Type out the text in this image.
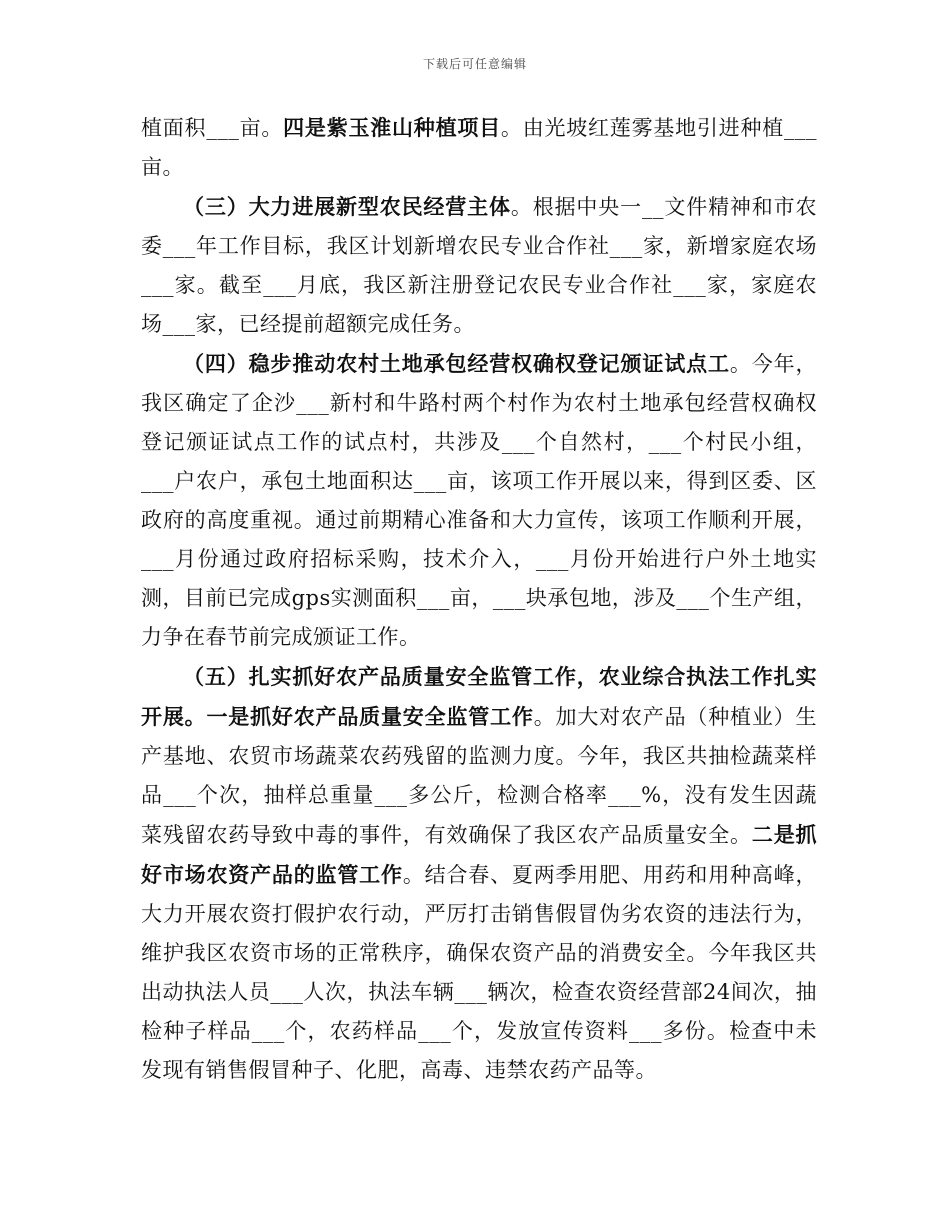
下载后可任意编辑

植面积___亩。四是紫玉淮山种植项目。由光坡红莲雾基地引进种植___亩。

（三）大力进展新型农民经营主体。根据中央一__文件精神和市农委___年工作目标，我区计划新增农民专业合作社___家，新增家庭农场___家。截至___月底，我区新注册登记农民专业合作社___家，家庭农场___家，已经提前超额完成任务。

（四）稳步推动农村土地承包经营权确权登记颁证试点工。今年，我区确定了企沙___新村和牛路村两个村作为农村土地承包经营权确权登记颁证试点工作的试点村，共涉及___个自然村，___个村民小组，___户农户，承包土地面积达___亩，该项工作开展以来，得到区委、区政府的高度重视。通过前期精心准备和大力宣传，该项工作顺利开展，___月份通过政府招标采购，技术介入，___月份开始进行户外土地实测，目前已完成gps实测面积___亩，___块承包地，涉及___个生产组，力争在春节前完成颁证工作。

（五）扎实抓好农产品质量安全监管工作，农业综合执法工作扎实开展。一是抓好农产品质量安全监管工作。加大对农产品（种植业）生产基地、农贸市场蔬菜农药残留的监测力度。今年，我区共抽检蔬菜样品___个次，抽样总重量___多公斤，检测合格率___%，没有发生因蔬菜残留农药导致中毒的事件，有效确保了我区农产品质量安全。二是抓好市场农资产品的监管工作。结合春、夏两季用肥、用药和用种高峰，大力开展农资打假护农行动，严厉打击销售假冒伪劣农资的违法行为，维护我区农资市场的正常秩序，确保农资产品的消费安全。今年我区共出动执法人员___人次，执法车辆___辆次，检查农资经营部24间次，抽检种子样品___个，农药样品___个，发放宣传资料___多份。检查中未发现有销售假冒种子、化肥，高毒、违禁农药产品等。
